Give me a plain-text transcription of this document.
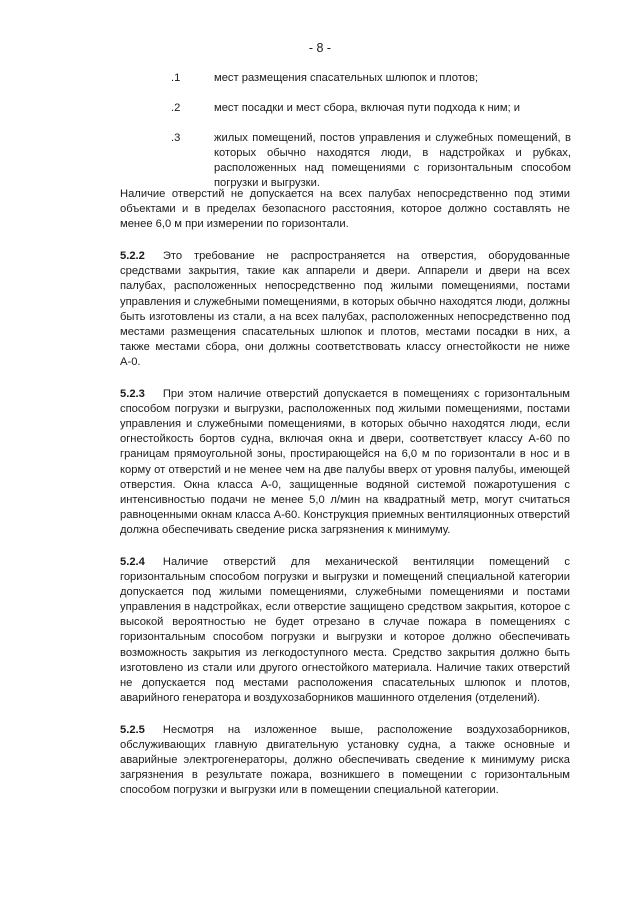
- 8 -
.1	мест размещения спасательных шлюпок и плотов;
.2	мест посадки и мест сбора, включая пути подхода к ним; и
.3	жилых помещений, постов управления и служебных помещений, в которых обычно находятся люди, в надстройках и рубках, расположенных над помещениями с горизонтальным способом погрузки и выгрузки.

Наличие отверстий не допускается на всех палубах непосредственно под этими объектами и в пределах безопасного расстояния, которое должно составлять не менее 6,0 м при измерении по горизонтали.

5.2.2 Это требование не распространяется на отверстия, оборудованные средствами закрытия, такие как аппарели и двери. Аппарели и двери на всех палубах, расположенных непосредственно под жилыми помещениями, постами управления и служебными помещениями, в которых обычно находятся люди, должны быть изготовлены из стали, а на всех палубах, расположенных непосредственно под местами размещения спасательных шлюпок и плотов, местами посадки в них, а также местами сбора, они должны соответствовать классу огнестойкости не ниже А-0.

5.2.3 При этом наличие отверстий допускается в помещениях с горизонтальным способом погрузки и выгрузки, расположенных под жилыми помещениями, постами управления и служебными помещениями, в которых обычно находятся люди, если огнестойкость бортов судна, включая окна и двери, соответствует классу А-60 по границам прямоугольной зоны, простирающейся на 6,0 м по горизонтали в нос и в корму от отверстий и не менее чем на две палубы вверх от уровня палубы, имеющей отверстия. Окна класса А-0, защищенные водяной системой пожаротушения с интенсивностью подачи не менее 5,0 л/мин на квадратный метр, могут считаться равноценными окнам класса А-60. Конструкция приемных вентиляционных отверстий должна обеспечивать сведение риска загрязнения к минимуму.

5.2.4 Наличие отверстий для механической вентиляции помещений с горизонтальным способом погрузки и выгрузки и помещений специальной категории допускается под жилыми помещениями, служебными помещениями и постами управления в надстройках, если отверстие защищено средством закрытия, которое с высокой вероятностью не будет отрезано в случае пожара в помещениях с горизонтальным способом погрузки и выгрузки и которое должно обеспечивать возможность закрытия из легкодоступного места. Средство закрытия должно быть изготовлено из стали или другого огнестойкого материала. Наличие таких отверстий не допускается под местами расположения спасательных шлюпок и плотов, аварийного генератора и воздухозаборников машинного отделения (отделений).

5.2.5 Несмотря на изложенное выше, расположение воздухозаборников, обслуживающих главную двигательную установку судна, а также основные и аварийные электрогенераторы, должно обеспечивать сведение к минимуму риска загрязнения в результате пожара, возникшего в помещении с горизонтальным способом погрузки и выгрузки или в помещении специальной категории.
